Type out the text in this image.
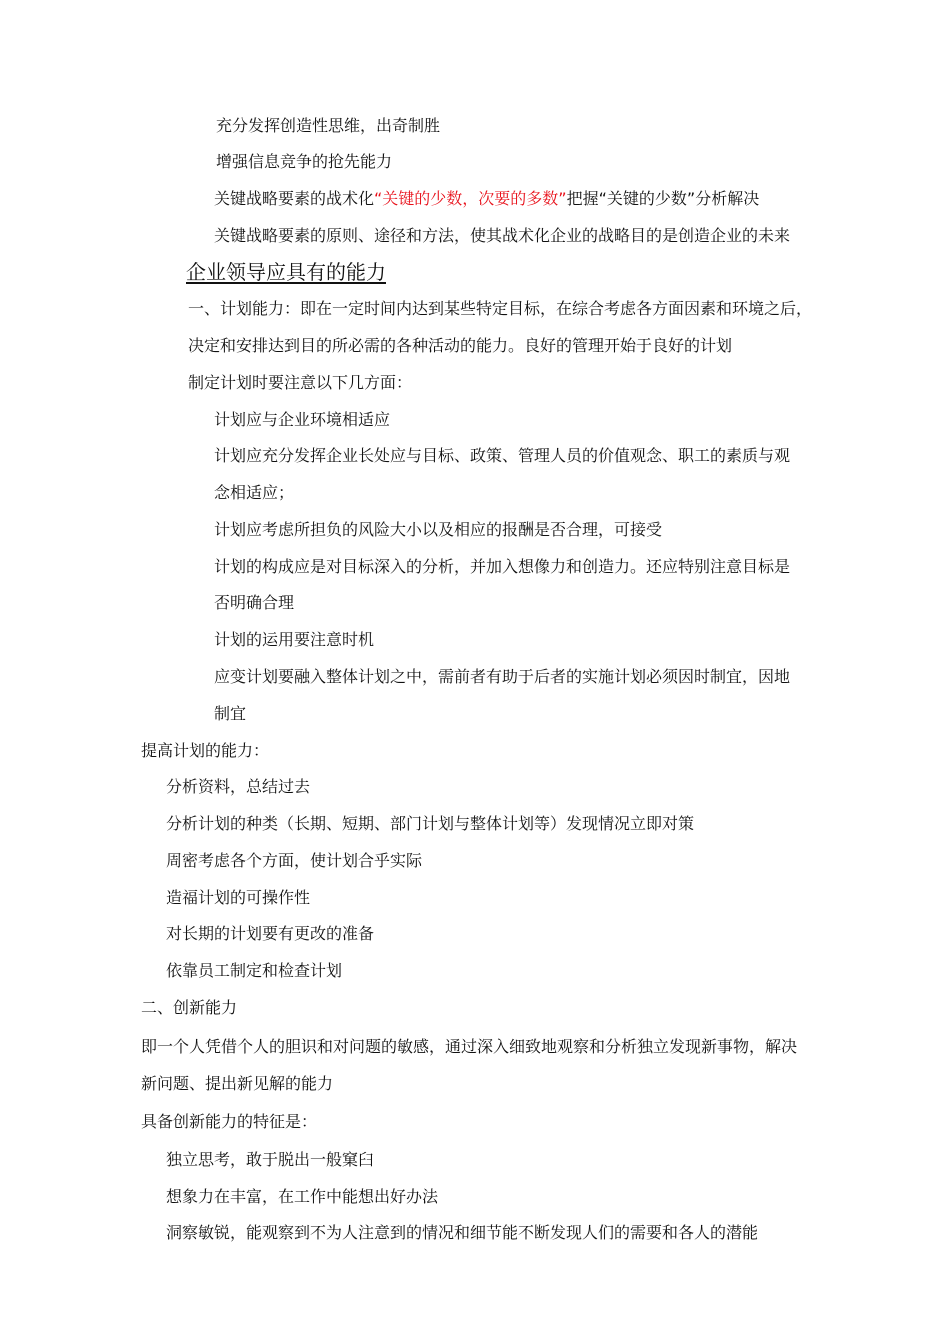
充分发挥创造性思维，出奇制胜
增强信息竞争的抢先能力
关键战略要素的战术化“关键的少数，次要的多数”把握“关键的少数”分析解决
关键战略要素的原则、途径和方法，使其战术化企业的战略目的是创造企业的未来
企业领导应具有的能力
一、计划能力：即在一定时间内达到某些特定目标，在综合考虑各方面因素和环境之后，
决定和安排达到目的所必需的各种活动的能力。良好的管理开始于良好的计划
制定计划时要注意以下几方面：
计划应与企业环境相适应
计划应充分发挥企业长处应与目标、政策、管理人员的价值观念、职工的素质与观
念相适应；
计划应考虑所担负的风险大小以及相应的报酬是否合理，可接受
计划的构成应是对目标深入的分析，并加入想像力和创造力。还应特别注意目标是
否明确合理
计划的运用要注意时机
应变计划要融入整体计划之中，需前者有助于后者的实施计划必须因时制宜，因地
制宜
提高计划的能力：
分析资料，总结过去
分析计划的种类（长期、短期、部门计划与整体计划等）发现情况立即对策
周密考虑各个方面，使计划合乎实际
造福计划的可操作性
对长期的计划要有更改的准备
依靠员工制定和检查计划
二、创新能力
即一个人凭借个人的胆识和对问题的敏感，通过深入细致地观察和分析独立发现新事物，解决
新问题、提出新见解的能力
具备创新能力的特征是：
独立思考，敢于脱出一般窠臼
想象力在丰富，在工作中能想出好办法
洞察敏锐，能观察到不为人注意到的情况和细节能不断发现人们的需要和各人的潜能
